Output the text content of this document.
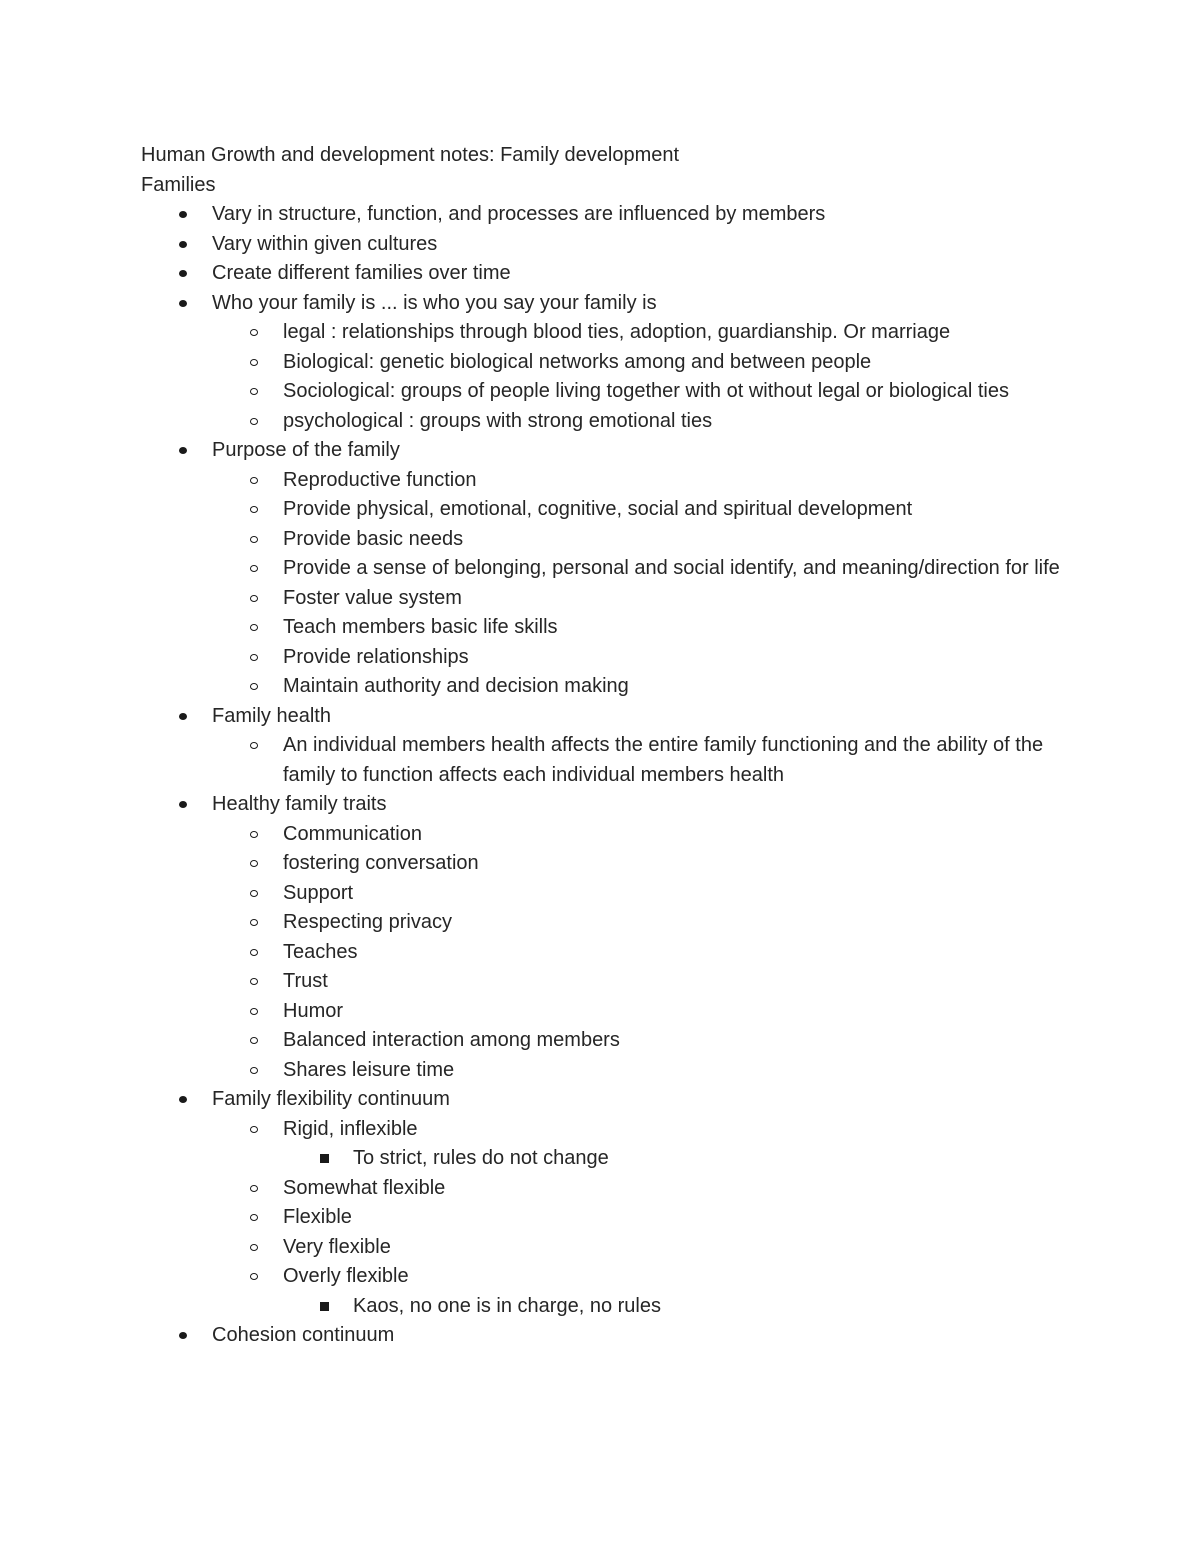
Human Growth and development notes: Family development

Families

Vary in structure, function, and processes are influenced by members
Vary within given cultures
Create different families over time
Who your family is ... is who you say your family is
legal : relationships through blood ties, adoption, guardianship. Or marriage
Biological: genetic biological networks among and between people
Sociological: groups of people living together with ot without legal or biological ties
psychological : groups with strong emotional ties
Purpose of the family
Reproductive function
Provide physical, emotional, cognitive, social and spiritual development
Provide basic needs
Provide a sense of belonging, personal and social identify, and meaning/direction for life
Foster value system
Teach members basic life skills
Provide relationships
Maintain authority and decision making
Family health
An individual members health affects the entire family functioning and the ability of the family to function affects each individual members health
Healthy family traits
Communication
fostering conversation
Support
Respecting privacy
Teaches
Trust
Humor
Balanced interaction among members
Shares leisure time
Family flexibility continuum
Rigid, inflexible
To strict, rules do not change
Somewhat flexible
Flexible
Very flexible
Overly flexible
Kaos, no one is in charge, no rules
Cohesion continuum
